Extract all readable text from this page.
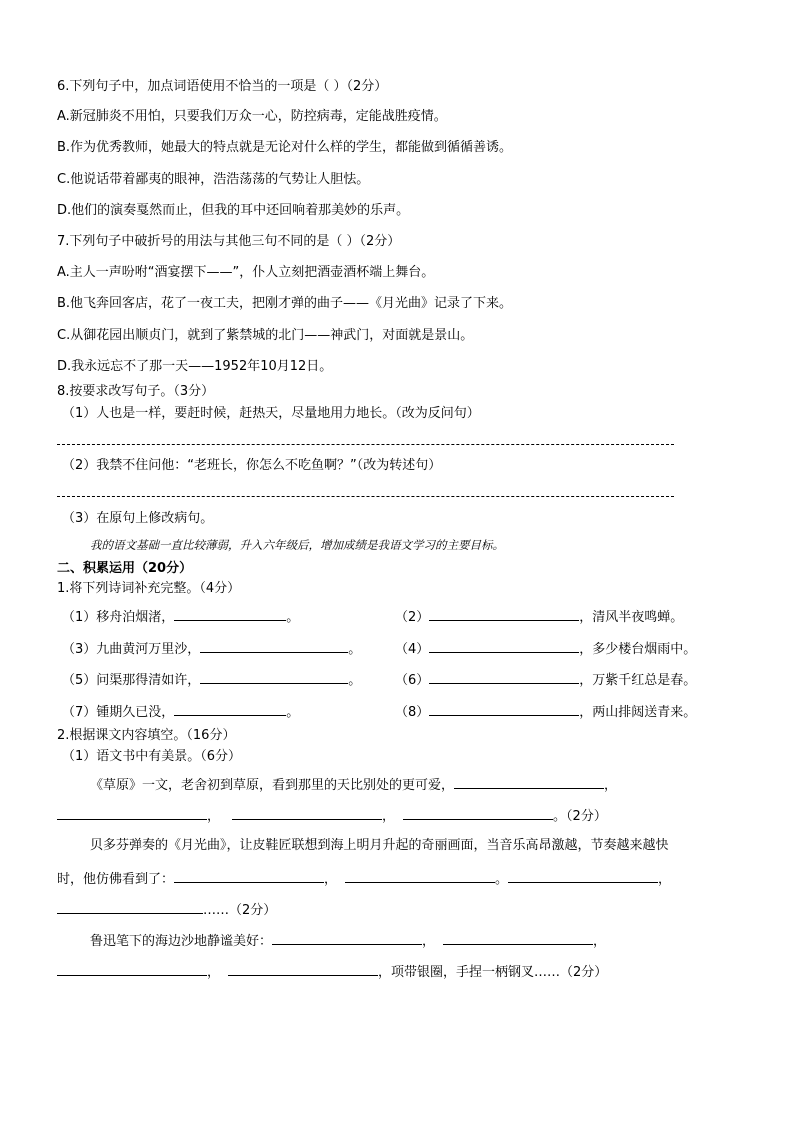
6.下列句子中，加点词语使用不恰当的一项是（ ）（2分）
A.新冠肺炎不用怕，只要我们万众一心，防控病毒，定能战胜疫情。
B.作为优秀教师，她最大的特点就是无论对什么样的学生，都能做到循循善诱。
C.他说话带着鄙夷的眼神，浩浩荡荡的气势让人胆怯。
D.他们的演奏戛然而止，但我的耳中还回响着那美妙的乐声。
7.下列句子中破折号的用法与其他三句不同的是（ ）（2分）
A.主人一声吩咐“酒宴摆下——”，仆人立刻把酒壶酒杯端上舞台。
B.他飞奔回客店，花了一夜工夫，把刚才弹的曲子——《月光曲》记录了下来。
C.从御花园出顺贞门，就到了紫禁城的北门——神武门，对面就是景山。
D.我永远忘不了那一天——1952年10月12日。
8.按要求改写句子。（3分）
（1）人也是一样，要赶时候，赶热天，尽量地用力地长。（改为反问句）
（2）我禁不住问他：“老班长，你怎么不吃鱼啊？”（改为转述句）
（3）在原句上修改病句。
我的语文基础一直比较薄弱，升入六年级后，增加成绩是我语文学习的主要目标。
二、积累运用（20分）
1.将下列诗词补充完整。（4分）
（1）移舟泊烟渚，	。	（2）	，清风半夜鸣蝉。
（3）九曲黄河万里沙，	。	（4）	，多少楼台烟雨中。
（5）问渠那得清如许，	。	（6）	，万紫千红总是春。
（7）锺期久已没，	。	（8）	，两山排闼送青来。
2.根据课文内容填空。（16分）
（1）语文书中有美景。（6分）
《草原》一文，老舍初到草原，看到那里的天比别处的更可爱，	，
，	，	。（2分）
贝多芬弹奏的《月光曲》，让皮鞋匠联想到海上明月升起的奇丽画面，当音乐高昂激越，节奏越来越快
时，他仿佛看到了：	，	。	，
……（2分）
鲁迅笔下的海边沙地静谧美好：	，	，
，	，项带银圈，手捏一柄钢叉……（2分）
